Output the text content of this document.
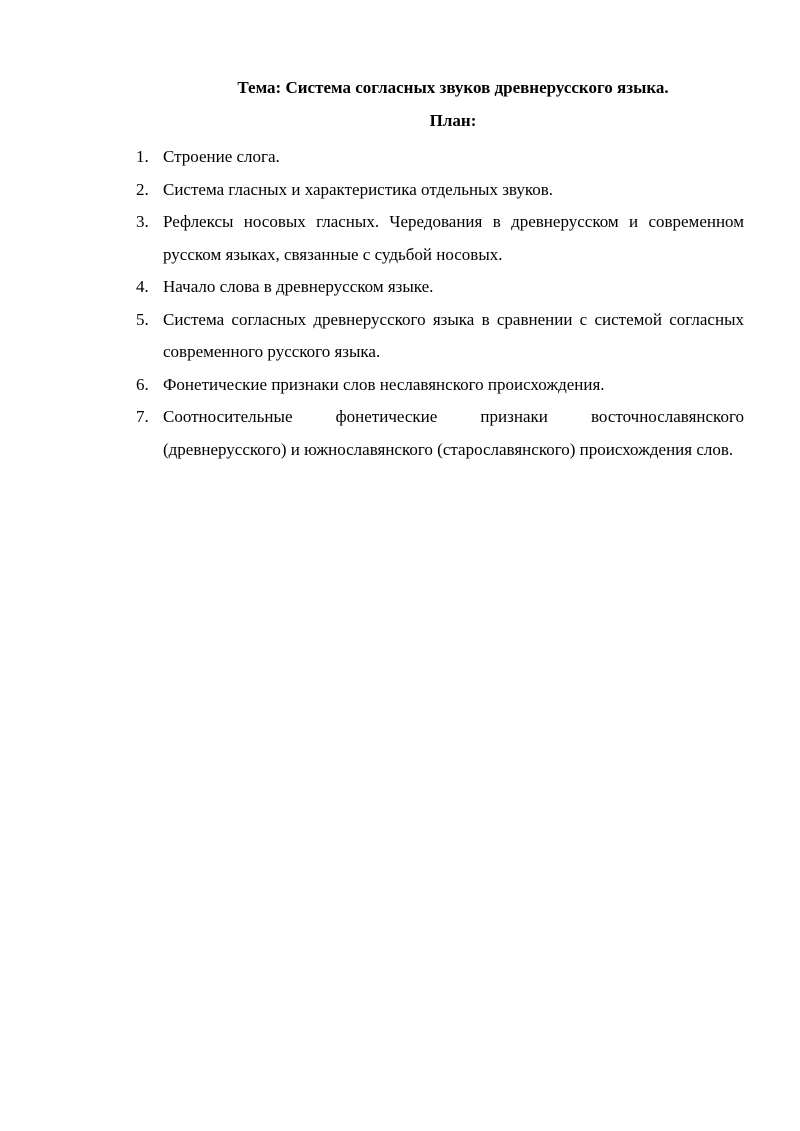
Тема: Система согласных звуков древнерусского языка.
План:
1. Строение слога.
2. Система гласных и характеристика отдельных звуков.
3. Рефлексы носовых гласных. Чередования в древнерусском и современном русском языках, связанные с судьбой носовых.
4. Начало слова в древнерусском языке.
5. Система согласных древнерусского языка в сравнении с системой согласных современного русского языка.
6. Фонетические признаки слов неславянского происхождения.
7. Соотносительные фонетические признаки восточнославянского (древнерусского) и южнославянского (старославянского) происхождения слов.
